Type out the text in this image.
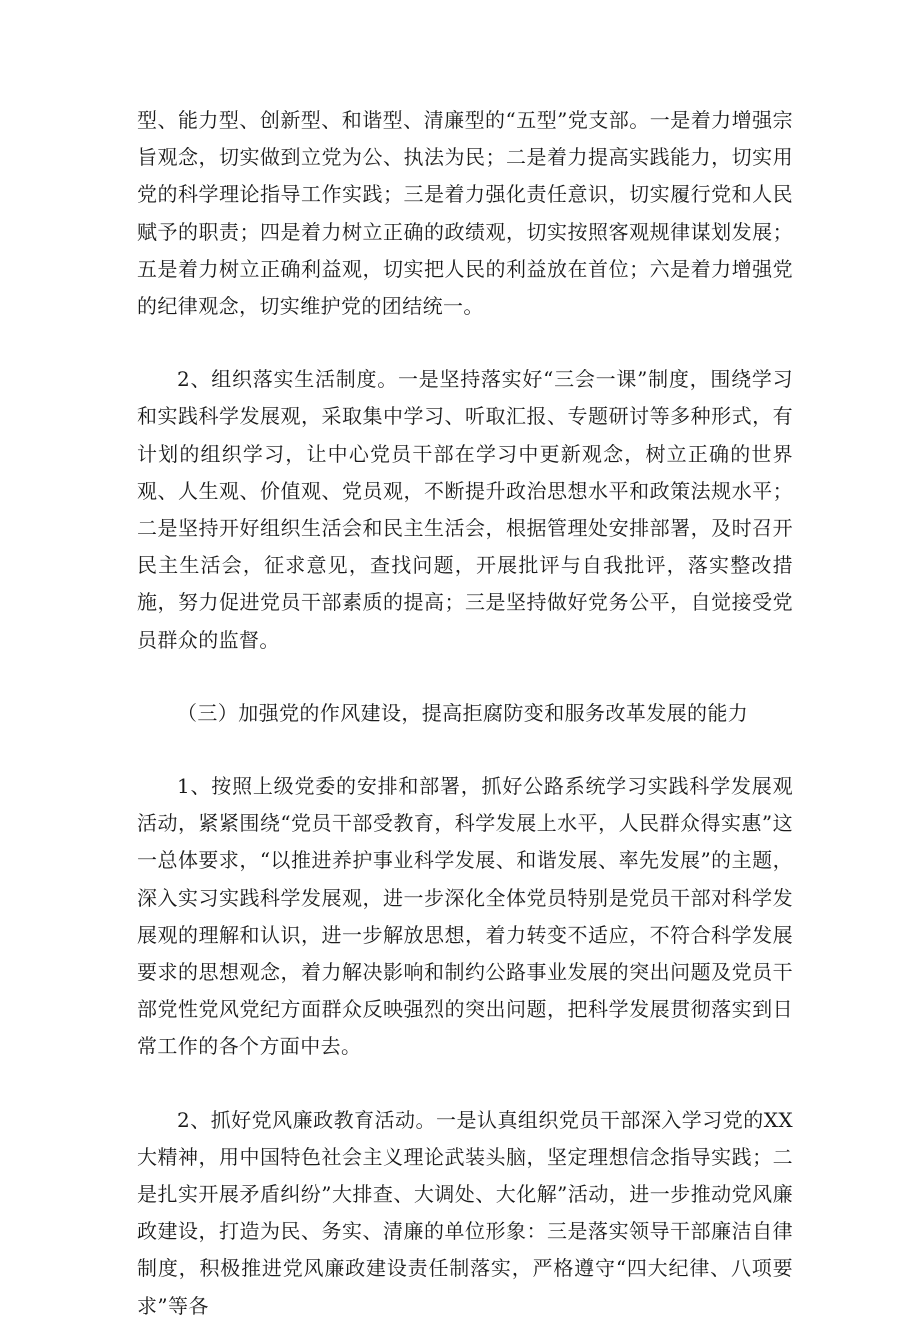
型、能力型、创新型、和谐型、清廉型的“五型”党支部。一是着力增强宗旨观念，切实做到立党为公、执法为民；二是着力提高实践能力，切实用党的科学理论指导工作实践；三是着力强化责任意识，切实履行党和人民赋予的职责；四是着力树立正确的政绩观，切实按照客观规律谋划发展；五是着力树立正确利益观，切实把人民的利益放在首位；六是着力增强党的纪律观念，切实维护党的团结统一。

2、组织落实生活制度。一是坚持落实好“三会一课”制度，围绕学习和实践科学发展观，采取集中学习、听取汇报、专题研讨等多种形式，有计划的组织学习，让中心党员干部在学习中更新观念，树立正确的世界观、人生观、价值观、党员观，不断提升政治思想水平和政策法规水平；二是坚持开好组织生活会和民主生活会，根据管理处安排部署，及时召开民主生活会，征求意见，查找问题，开展批评与自我批评，落实整改措施，努力促进党员干部素质的提高；三是坚持做好党务公平，自觉接受党员群众的监督。

（三）加强党的作风建设，提高拒腐防变和服务改革发展的能力

1、按照上级党委的安排和部署，抓好公路系统学习实践科学发展观活动，紧紧围绕“党员干部受教育，科学发展上水平，人民群众得实惠”这一总体要求，“以推进养护事业科学发展、和谐发展、率先发展”的主题，深入实习实践科学发展观，进一步深化全体党员特别是党员干部对科学发展观的理解和认识，进一步解放思想，着力转变不适应，不符合科学发展要求的思想观念，着力解决影响和制约公路事业发展的突出问题及党员干部党性党风党纪方面群众反映强烈的突出问题，把科学发展贯彻落实到日常工作的各个方面中去。

2、抓好党风廉政教育活动。一是认真组织党员干部深入学习党的XX大精神，用中国特色社会主义理论武装头脑，坚定理想信念指导实践；二是扎实开展矛盾纠纷”大排查、大调处、大化解”活动，进一步推动党风廉政建设，打造为民、务实、清廉的单位形象：三是落实领导干部廉洁自律制度，积极推进党风廉政建设责任制落实，严格遵守“四大纪律、八项要求”等各
